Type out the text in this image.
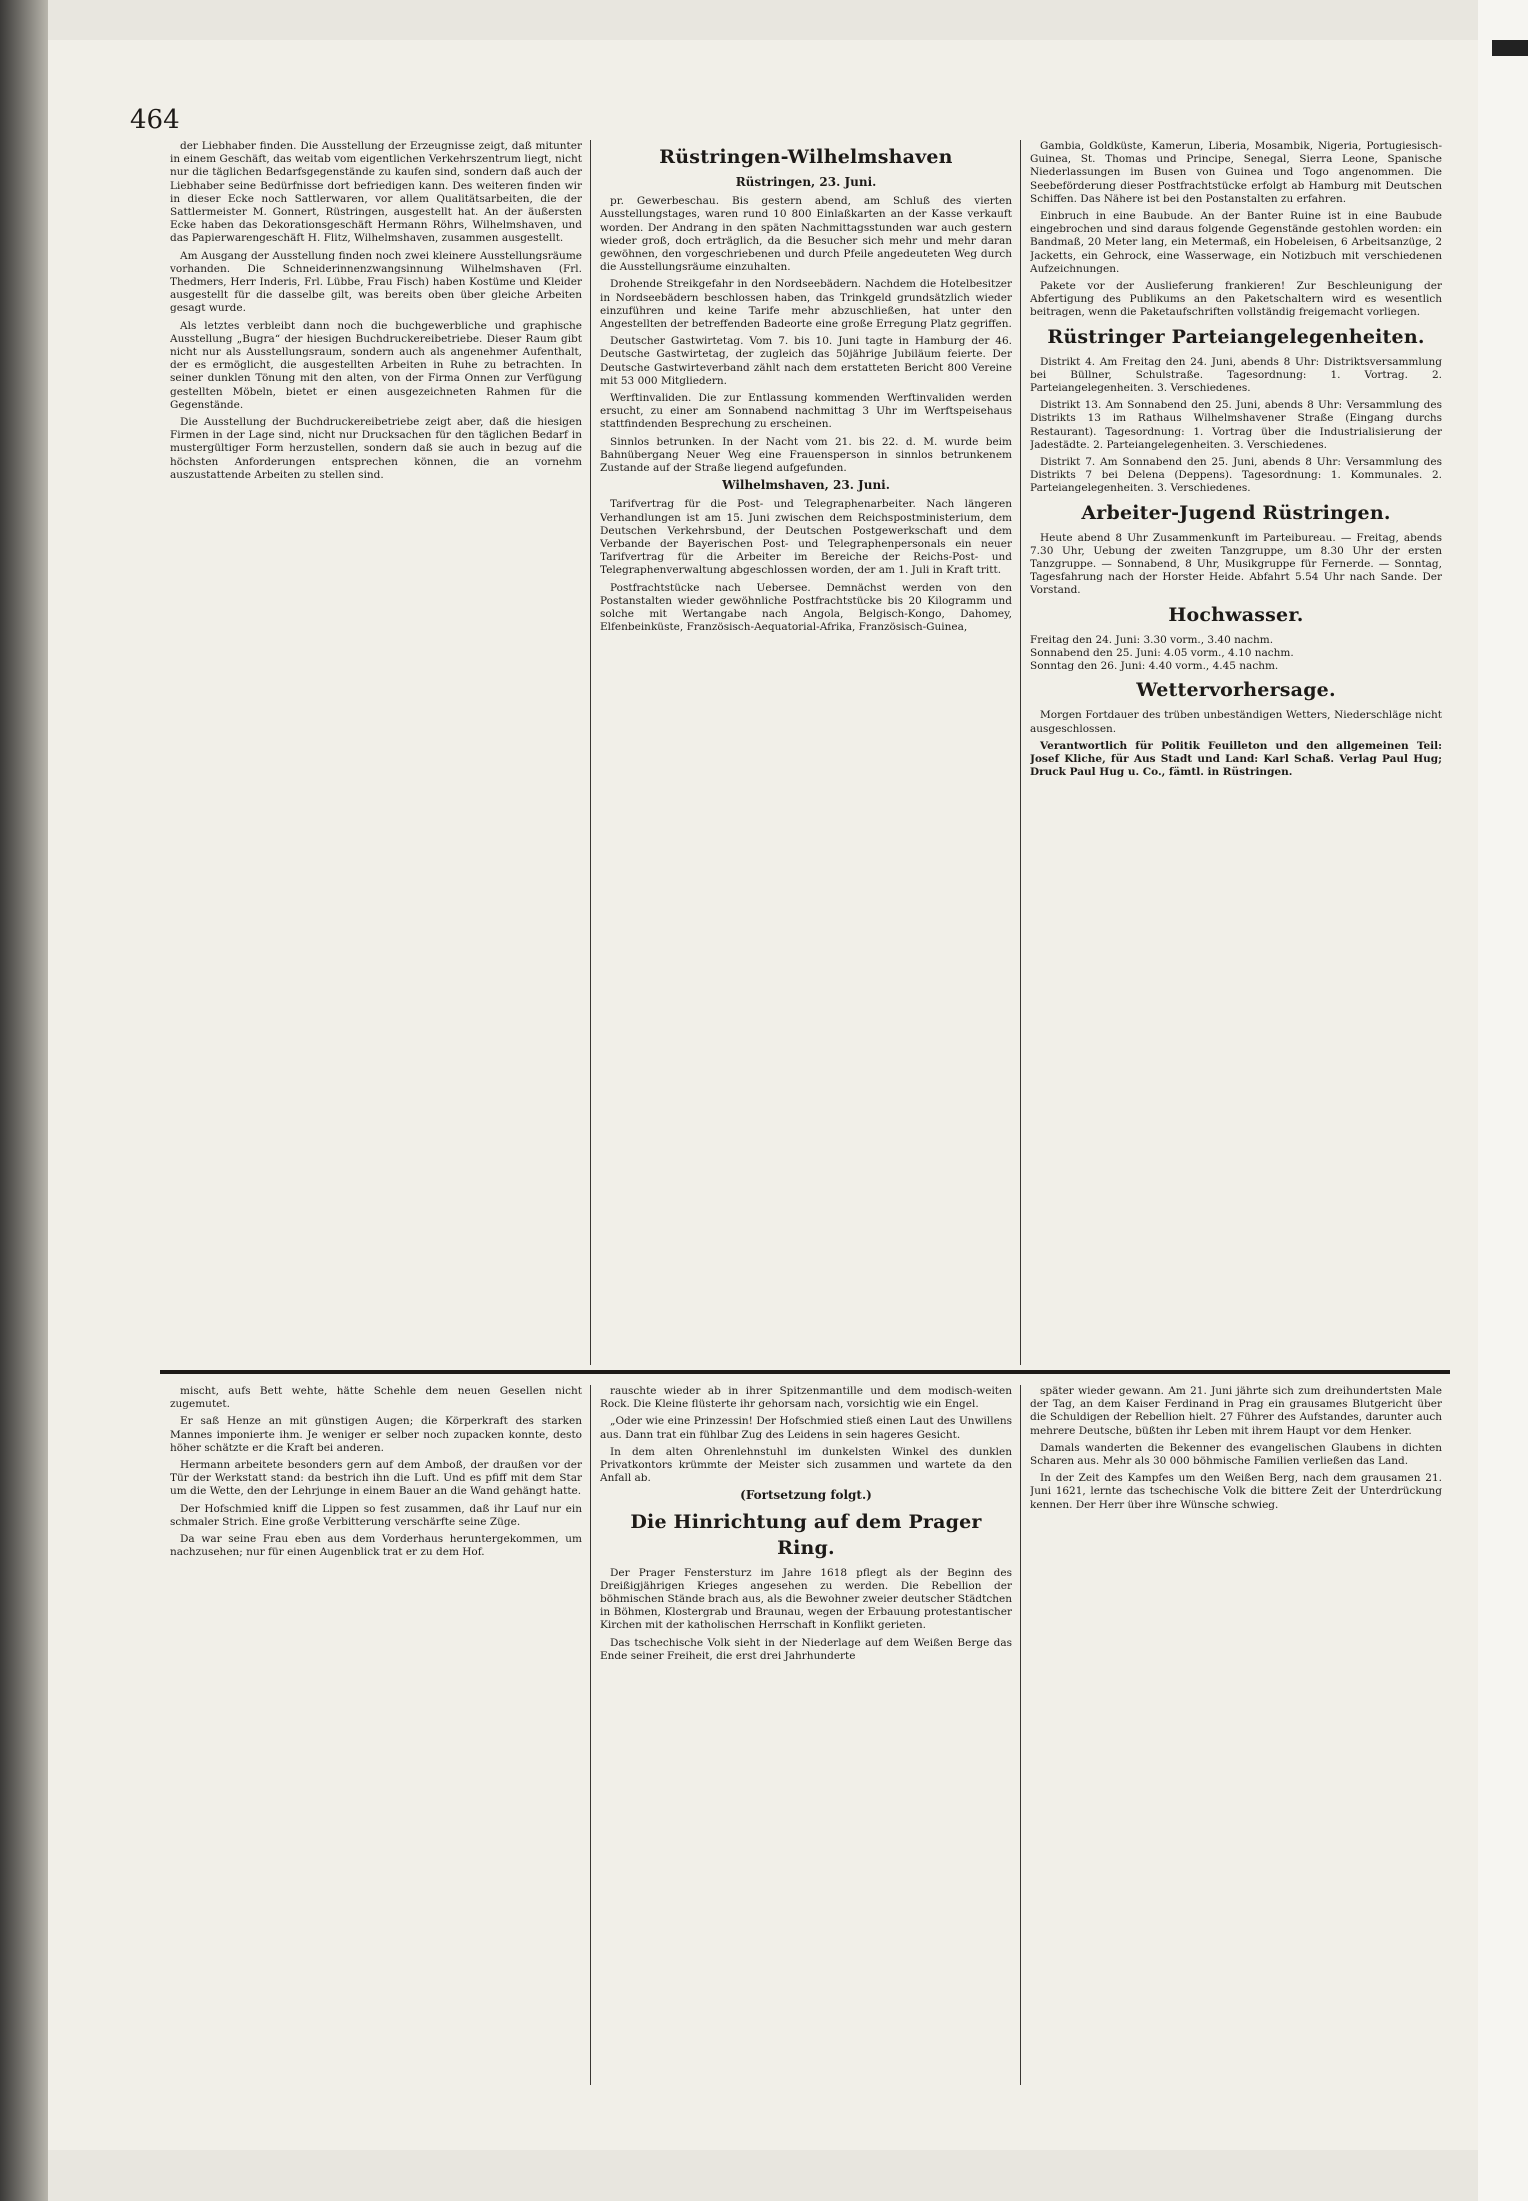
464

der Liebhaber finden. Die Ausstellung der Erzeugnisse zeigt, daß mitunter in einem Geschäft, das weitab vom eigentlichen Verkehrszentrum liegt, nicht nur die täglichen Bedarfsgegenstände zu kaufen sind, sondern daß auch der Liebhaber seine Bedürfnisse dort befriedigen kann. Des weiteren finden wir in dieser Ecke noch Sattlerwaren, vor allem Qualitätsarbeiten, die der Sattlermeister M. Gonnert, Rüstringen, ausgestellt hat. An der äußersten Ecke haben das Dekorationsgeschäft Hermann Röhrs, Wilhelmshaven, und das Papierwarengeschäft H. Flitz, Wilhelmshaven, zusammen ausgestellt.

Am Ausgang der Ausstellung finden noch zwei kleinere Ausstellungsräume vorhanden. Die Schneiderinnenzwangsinnung Wilhelmshaven (Frl. Thedmers, Herr Inderis, Frl. Lübbe, Frau Fisch) haben Kostüme und Kleider ausgestellt für die dasselbe gilt, was bereits oben über gleiche Arbeiten gesagt wurde.

Als letztes verbleibt dann noch die buchgewerbliche und graphische Ausstellung „Bugra“ der hiesigen Buchdruckereibetriebe. Dieser Raum gibt nicht nur als Ausstellungsraum, sondern auch als angenehmer Aufenthalt, der es ermöglicht, die ausgestellten Arbeiten in Ruhe zu betrachten. In seiner dunklen Tönung mit den alten, von der Firma Onnen zur Verfügung gestellten Möbeln, bietet er einen ausgezeichneten Rahmen für die Gegenstände.

Die Ausstellung der Buchdruckereibetriebe zeigt aber, daß die hiesigen Firmen in der Lage sind, nicht nur Drucksachen für den täglichen Bedarf in mustergültiger Form herzustellen, sondern daß sie auch in bezug auf die höchsten Anforderungen entsprechen können, die an vornehm auszustattende Arbeiten zu stellen sind.

Rüstringen-Wilhelmshaven
Rüstringen, 23. Juni.

pr. Gewerbeschau. Bis gestern abend, am Schluß des vierten Ausstellungstages, waren rund 10 800 Einlaßkarten an der Kasse verkauft worden. Der Andrang in den späten Nachmittagsstunden war auch gestern wieder groß, doch erträglich, da die Besucher sich mehr und mehr daran gewöhnen, den vorgeschriebenen und durch Pfeile angedeuteten Weg durch die Ausstellungsräume einzuhalten.

Drohende Streikgefahr in den Nordseebädern. Nachdem die Hotelbesitzer in Nordseebädern beschlossen haben, das Trinkgeld grundsätzlich wieder einzuführen und keine Tarife mehr abzuschließen, hat unter den Angestellten der betreffenden Badeorte eine große Erregung Platz gegriffen.

Deutscher Gastwirtetag. Vom 7. bis 10. Juni tagte in Hamburg der 46. Deutsche Gastwirtetag, der zugleich das 50jährige Jubiläum feierte. Der Deutsche Gastwirteverband zählt nach dem erstatteten Bericht 800 Vereine mit 53 000 Mitgliedern.

Werftinvaliden. Die zur Entlassung kommenden Werftinvaliden werden ersucht, zu einer am Sonnabend nachmittag 3 Uhr im Werftspeisehaus stattfindenden Besprechung zu erscheinen.

Sinnlos betrunken. In der Nacht vom 21. bis 22. d. M. wurde beim Bahnübergang Neuer Weg eine Frauensperson in sinnlos betrunkenem Zustande auf der Straße liegend aufgefunden.

Wilhelmshaven, 23. Juni.

Tarifvertrag für die Post- und Telegraphenarbeiter. Nach längeren Verhandlungen ist am 15. Juni zwischen dem Reichspostministerium, dem Deutschen Verkehrsbund, der Deutschen Postgewerkschaft und dem Verbande der Bayerischen Post- und Telegraphenpersonals ein neuer Tarifvertrag für die Arbeiter im Bereiche der Reichs-Post- und Telegraphenverwaltung abgeschlossen worden, der am 1. Juli in Kraft tritt.

Postfrachtstücke nach Uebersee. Demnächst werden von den Postanstalten wieder gewöhnliche Postfrachtstücke bis 20 Kilogramm und solche mit Wertangabe nach Angola, Belgisch-Kongo, Dahomey, Elfenbeinküste, Französisch-Aequatorial-Afrika, Französisch-Guinea,

Gambia, Goldküste, Kamerun, Liberia, Mosambik, Nigeria, Portugiesisch-Guinea, St. Thomas und Principe, Senegal, Sierra Leone, Spanische Niederlassungen im Busen von Guinea und Togo angenommen. Die Seebeförderung dieser Postfrachtstücke erfolgt ab Hamburg mit Deutschen Schiffen. Das Nähere ist bei den Postanstalten zu erfahren.

Einbruch in eine Baubude. An der Banter Ruine ist in eine Baubude eingebrochen und sind daraus folgende Gegenstände gestohlen worden: ein Bandmaß, 20 Meter lang, ein Metermaß, ein Hobeleisen, 6 Arbeitsanzüge, 2 Jacketts, ein Gehrock, eine Wasserwage, ein Notizbuch mit verschiedenen Aufzeichnungen.

Pakete vor der Auslieferung frankieren! Zur Beschleunigung der Abfertigung des Publikums an den Paketschaltern wird es wesentlich beitragen, wenn die Paketaufschriften vollständig freigemacht vorliegen.

Rüstringer Parteiangelegenheiten.

Distrikt 4. Am Freitag den 24. Juni, abends 8 Uhr: Distriktsversammlung bei Büllner, Schulstraße. Tagesordnung: 1. Vortrag. 2. Parteiangelegenheiten. 3. Verschiedenes.

Distrikt 13. Am Sonnabend den 25. Juni, abends 8 Uhr: Versammlung des Distrikts 13 im Rathaus Wilhelmshavener Straße (Eingang durchs Restaurant). Tagesordnung: 1. Vortrag über die Industrialisierung der Jadestädte. 2. Parteiangelegenheiten. 3. Verschiedenes.

Distrikt 7. Am Sonnabend den 25. Juni, abends 8 Uhr: Versammlung des Distrikts 7 bei Delena (Deppens). Tagesordnung: 1. Kommunales. 2. Parteiangelegenheiten. 3. Verschiedenes.

Arbeiter-Jugend Rüstringen.

Heute abend 8 Uhr Zusammenkunft im Parteibureau. — Freitag, abends 7.30 Uhr, Uebung der zweiten Tanzgruppe, um 8.30 Uhr der ersten Tanzgruppe. — Sonnabend, 8 Uhr, Musikgruppe für Fernerde. — Sonntag, Tagesfahrung nach der Horster Heide. Abfahrt 5.54 Uhr nach Sande. Der Vorstand.

Hochwasser.
Freitag den 24. Juni: 3.30 vorm., 3.40 nachm.
Sonnabend den 25. Juni: 4.05 vorm., 4.10 nachm.
Sonntag den 26. Juni: 4.40 vorm., 4.45 nachm.
Wettervorhersage.

Morgen Fortdauer des trüben unbeständigen Wetters, Niederschläge nicht ausgeschlossen.

Verantwortlich für Politik Feuilleton und den allgemeinen Teil: Josef Kliche, für Aus Stadt und Land: Karl Schaß. Verlag Paul Hug; Druck Paul Hug u. Co., fämtl. in Rüstringen.

mischt, aufs Bett wehte, hätte Schehle dem neuen Gesellen nicht zugemutet.

Er saß Henze an mit günstigen Augen; die Körperkraft des starken Mannes imponierte ihm. Je weniger er selber noch zupacken konnte, desto höher schätzte er die Kraft bei anderen.

Hermann arbeitete besonders gern auf dem Amboß, der draußen vor der Tür der Werkstatt stand: da bestrich ihn die Luft. Und es pfiff mit dem Star um die Wette, den der Lehrjunge in einem Bauer an die Wand gehängt hatte.

Der Hofschmied kniff die Lippen so fest zusammen, daß ihr Lauf nur ein schmaler Strich. Eine große Verbitterung verschärfte seine Züge.

Da war seine Frau eben aus dem Vorderhaus heruntergekommen, um nachzusehen; nur für einen Augenblick trat er zu dem Hof.

rauschte wieder ab in ihrer Spitzenmantille und dem modisch-weiten Rock. Die Kleine flüsterte ihr gehorsam nach, vorsichtig wie ein Engel.

„Oder wie eine Prinzessin! Der Hofschmied stieß einen Laut des Unwillens aus. Dann trat ein fühlbar Zug des Leidens in sein hageres Gesicht.

In dem alten Ohrenlehnstuhl im dunkelsten Winkel des dunklen Privatkontors krümmte der Meister sich zusammen und wartete da den Anfall ab.

(Fortsetzung folgt.)
Die Hinrichtung auf dem Prager Ring.

Der Prager Fenstersturz im Jahre 1618 pflegt als der Beginn des Dreißigjährigen Krieges angesehen zu werden. Die Rebellion der böhmischen Stände brach aus, als die Bewohner zweier deutscher Städtchen in Böhmen, Klostergrab und Braunau, wegen der Erbauung protestantischer Kirchen mit der katholischen Herrschaft in Konflikt gerieten.

Das tschechische Volk sieht in der Niederlage auf dem Weißen Berge das Ende seiner Freiheit, die erst drei Jahrhunderte

später wieder gewann. Am 21. Juni jährte sich zum dreihundertsten Male der Tag, an dem Kaiser Ferdinand in Prag ein grausames Blutgericht über die Schuldigen der Rebellion hielt. 27 Führer des Aufstandes, darunter auch mehrere Deutsche, büßten ihr Leben mit ihrem Haupt vor dem Henker.

Damals wanderten die Bekenner des evangelischen Glaubens in dichten Scharen aus. Mehr als 30 000 böhmische Familien verließen das Land.

In der Zeit des Kampfes um den Weißen Berg, nach dem grausamen 21. Juni 1621, lernte das tschechische Volk die bittere Zeit der Unterdrückung kennen. Der Herr über ihre Wünsche schwieg.
